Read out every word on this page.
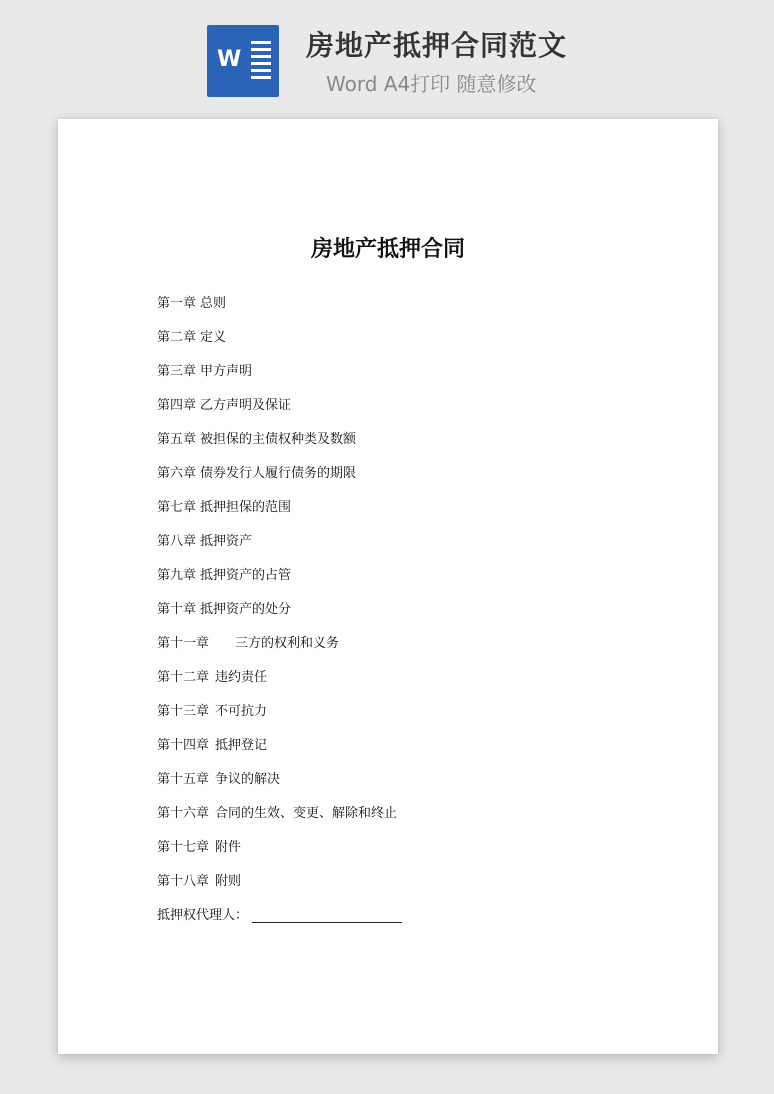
W 房地产抵押合同范文
Word A4打印 随意修改
房地产抵押合同
第一章 总则
第二章 定义
第三章 甲方声明
第四章 乙方声明及保证
第五章 被担保的主债权种类及数额
第六章 债券发行人履行债务的期限
第七章 抵押担保的范围
第八章 抵押资产
第九章 抵押资产的占管
第十章 抵押资产的处分
第十一章 三方的权利和义务
第十二章 违约责任
第十三章 不可抗力
第十四章 抵押登记
第十五章 争议的解决
第十六章 合同的生效、变更、解除和终止
第十七章 附件
第十八章 附则
抵押权代理人：
